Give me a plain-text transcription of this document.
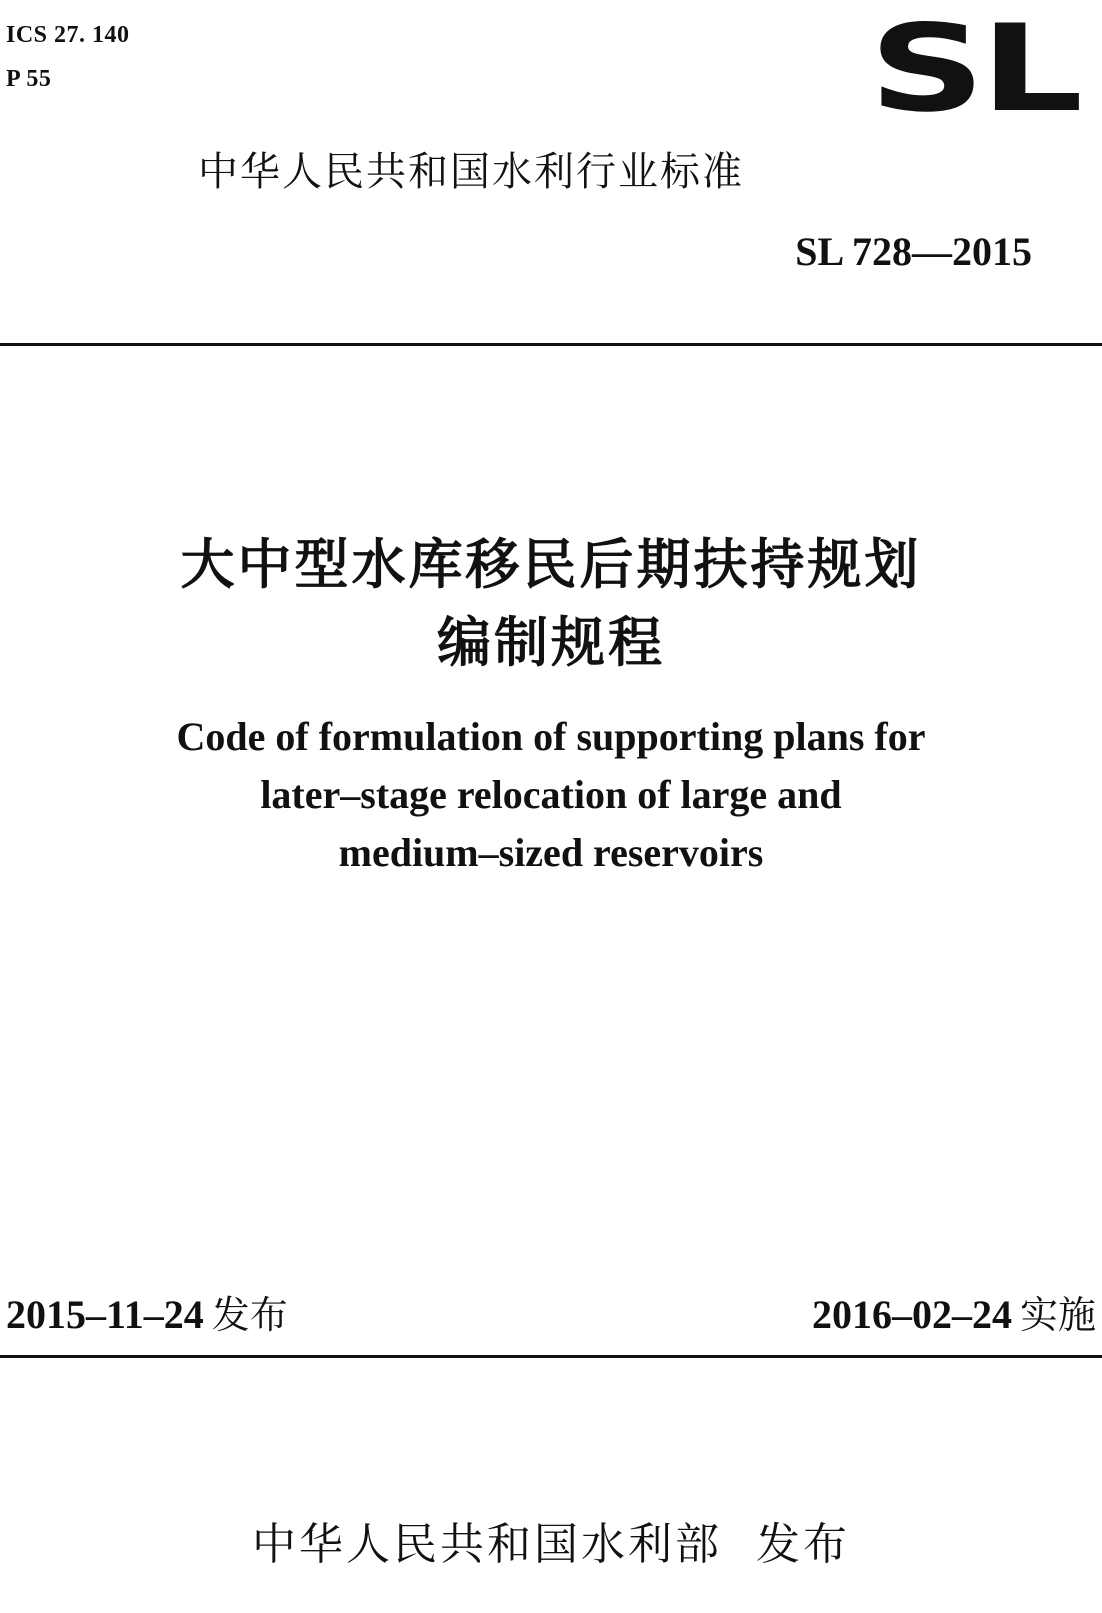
ICS 27. 140
P 55	SL
中华人民共和国水利行业标准
SL 728—2015
大中型水库移民后期扶持规划
编制规程
Code of formulation of supporting plans for
later–stage relocation of large and
medium–sized reservoirs
2015–11–24 发布	2016–02–24 实施
中华人民共和国水利部  发布
